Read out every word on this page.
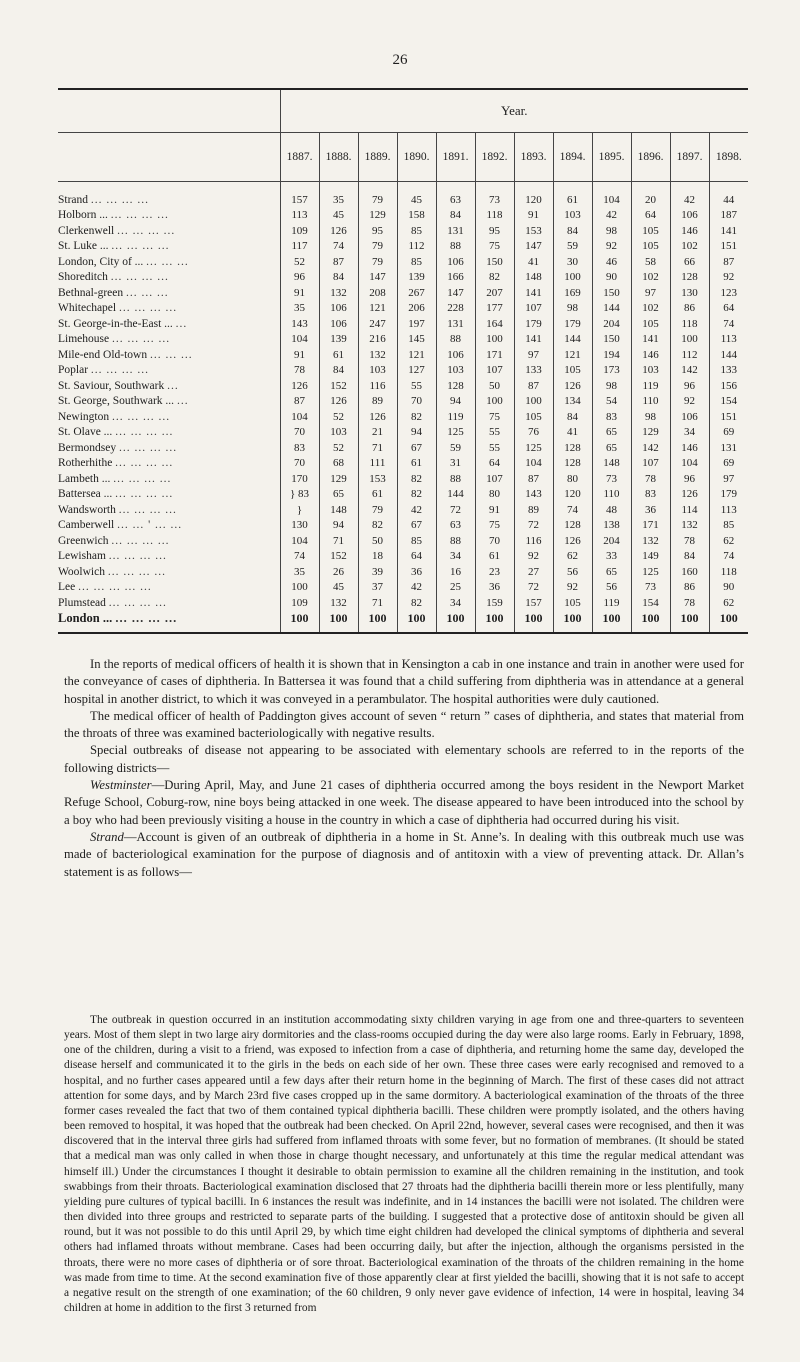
26
	Year.											
	1887.	1888.	1889.	1890.	1891.	1892.	1893.	1894.	1895.	1896.	1897.	1898.
Strand ... ... ... ...	157	35	79	45	63	73	120	61	104	20	42	44
Holborn ... ... ... ... ...	113	45	129	158	84	118	91	103	42	64	106	187
Clerkenwell ... ... ... ...	109	126	95	85	131	95	153	84	98	105	146	141
St. Luke ... ... ... ... ...	117	74	79	112	88	75	147	59	92	105	102	151
London, City of ... ... ... ...	52	87	79	85	106	150	41	30	46	58	66	87
Shoreditch ... ... ... ...	96	84	147	139	166	82	148	100	90	102	128	92
Bethnal-green ... ... ...	91	132	208	267	147	207	141	169	150	97	130	123
Whitechapel ... ... ... ...	35	106	121	206	228	177	107	98	144	102	86	64
St. George-in-the-East ... ...	143	106	247	197	131	164	179	179	204	105	118	74
Limehouse ... ... ... ...	104	139	216	145	88	100	141	144	150	141	100	113
Mile-end Old-town ... ... ...	91	61	132	121	106	171	97	121	194	146	112	144
Poplar ... ... ... ...	78	84	103	127	103	107	133	105	173	103	142	133
St. Saviour, Southwark ...	126	152	116	55	128	50	87	126	98	119	96	156
St. George, Southwark ... ...	87	126	89	70	94	100	100	134	54	110	92	154
Newington ... ... ... ...	104	52	126	82	119	75	105	84	83	98	106	151
St. Olave ... ... ... ... ...	70	103	21	94	125	55	76	41	65	129	34	69
Bermondsey ... ... ... ...	83	52	71	67	59	55	125	128	65	142	146	131
Rotherhithe ... ... ... ...	70	68	111	61	31	64	104	128	148	107	104	69
Lambeth ... ... ... ... ...	170	129	153	82	88	107	87	80	73	78	96	97
Battersea ... ... ... ... ...	} 83	65	61	82	144	80	143	120	110	83	126	179
Wandsworth ... ... ... ...	}	148	79	42	72	91	89	74	48	36	114	113
Camberwell ... ... ' ... ...	130	94	82	67	63	75	72	128	138	171	132	85
Greenwich ... ... ... ...	104	71	50	85	88	70	116	126	204	132	78	62
Lewisham ... ... ... ...	74	152	18	64	34	61	92	62	33	149	84	74
Woolwich ... ... ... ...	35	26	39	36	16	23	27	56	65	125	160	118
Lee ... ... ... ... ...	100	45	37	42	25	36	72	92	56	73	86	90
Plumstead ... ... ... ...	109	132	71	82	34	159	157	105	119	154	78	62
London ... ... ... ... ...	100	100	100	100	100	100	100	100	100	100	100	100

In the reports of medical officers of health it is shown that in Kensington a cab in one instance and train in another were used for the conveyance of cases of diphtheria. In Battersea it was found that a child suffering from diphtheria was in attendance at a general hospital in another district, to which it was conveyed in a perambulator. The hospital authorities were duly cautioned.

The medical officer of health of Paddington gives account of seven “ return ” cases of diphtheria, and states that material from the throats of three was examined bacteriologically with negative results.

Special outbreaks of disease not appearing to be associated with elementary schools are referred to in the reports of the following districts—

Westminster—During April, May, and June 21 cases of diphtheria occurred among the boys resident in the Newport Market Refuge School, Coburg-row, nine boys being attacked in one week. The disease appeared to have been introduced into the school by a boy who had been previously visiting a house in the country in which a case of diphtheria had occurred during his visit.

Strand—Account is given of an outbreak of diphtheria in a home in St. Anne’s. In dealing with this outbreak much use was made of bacteriological examination for the purpose of diagnosis and of antitoxin with a view of preventing attack. Dr. Allan’s statement is as follows—

The outbreak in question occurred in an institution accommodating sixty children varying in age from one and three-quarters to seventeen years. Most of them slept in two large airy dormitories and the class-rooms occupied during the day were also large rooms. Early in February, 1898, one of the children, during a visit to a friend, was exposed to infection from a case of diphtheria, and returning home the same day, developed the disease herself and communicated it to the girls in the beds on each side of her own. These three cases were early recognised and removed to a hospital, and no further cases appeared until a few days after their return home in the beginning of March. The first of these cases did not attract attention for some days, and by March 23rd five cases cropped up in the same dormitory. A bacteriological examination of the throats of the three former cases revealed the fact that two of them contained typical diphtheria bacilli. These children were promptly isolated, and the others having been removed to hospital, it was hoped that the outbreak had been checked. On April 22nd, however, several cases were recognised, and then it was discovered that in the interval three girls had suffered from inflamed throats with some fever, but no formation of membranes. (It should be stated that a medical man was only called in when those in charge thought necessary, and unfortunately at this time the regular medical attendant was himself ill.) Under the circumstances I thought it desirable to obtain permission to examine all the children remaining in the institution, and took swabbings from their throats. Bacteriological examination disclosed that 27 throats had the diphtheria bacilli therein more or less plentifully, many yielding pure cultures of typical bacilli. In 6 instances the result was indefinite, and in 14 instances the bacilli were not isolated. The children were then divided into three groups and restricted to separate parts of the building. I suggested that a protective dose of antitoxin should be given all round, but it was not possible to do this until April 29, by which time eight children had developed the clinical symptoms of diphtheria and several others had inflamed throats without membrane. Cases had been occurring daily, but after the injection, although the organisms persisted in the throats, there were no more cases of diphtheria or of sore throat. Bacteriological examination of the throats of the children remaining in the home was made from time to time. At the second examination five of those apparently clear at first yielded the bacilli, showing that it is not safe to accept a negative result on the strength of one examination; of the 60 children, 9 only never gave evidence of infection, 14 were in hospital, leaving 34 children at home in addition to the first 3 returned from
